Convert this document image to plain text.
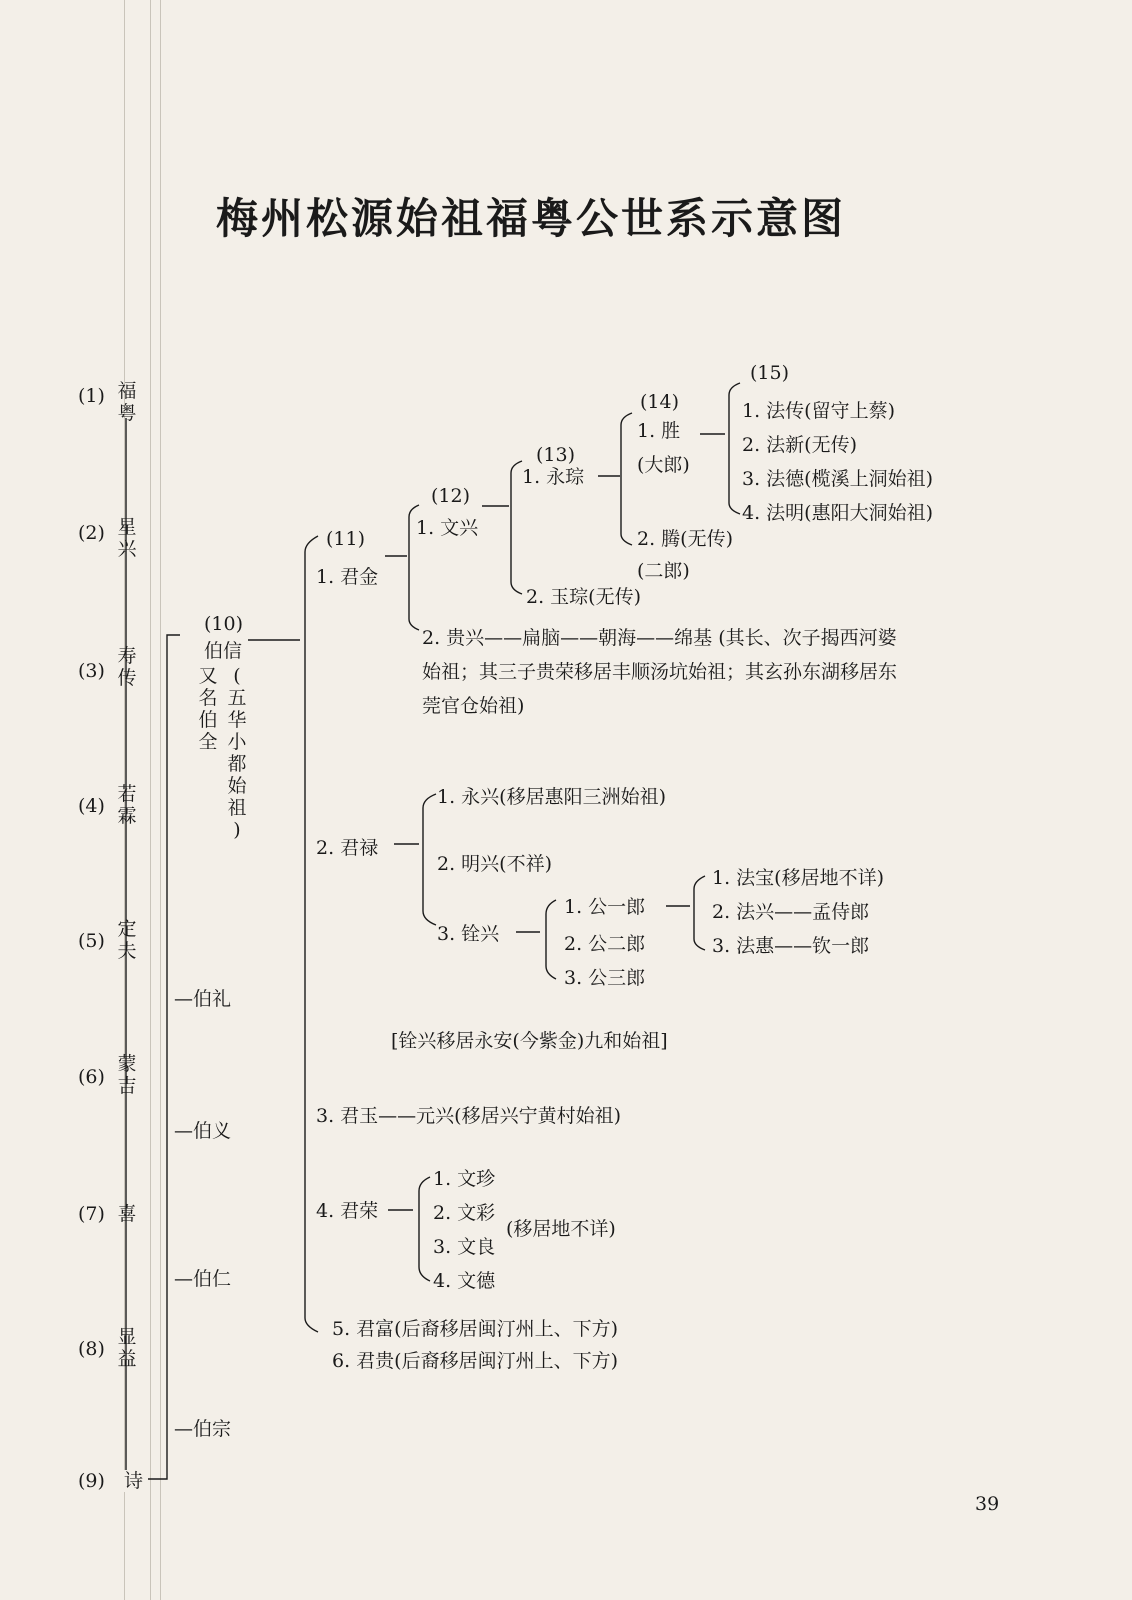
梅州松源始祖福粤公世系示意图
(1) 福
粤
(2) 星
兴
(3)
寿
传
(4)
若
霖
(5)
定
夫
(6)
蒙
吉
(7) 喜
(8)
显
益
(9) 诗
(10)
伯信
又
名
伯
全
(
五
华
小
都
始
祖
)
—伯礼
—伯义
—伯仁
—伯宗
(11)
1. 君金
2. 君禄
3. 君玉——元兴(移居兴宁黄村始祖)
4. 君荣
5. 君富(后裔移居闽汀州上、下方)
6. 君贵(后裔移居闽汀州上、下方)
(12)
1. 文兴
(13)
1. 永琮
2. 玉琮(无传)
(14)
1. 胜
(大郎)
2. 腾(无传)
(二郎)
(15)
1. 法传(留守上蔡)
2. 法新(无传)
3. 法德(榄溪上洞始祖)
4. 法明(惠阳大洞始祖)
2. 贵兴——扁脑——朝海——绵基 (其长、次子揭西河婆
始祖；其三子贵荣移居丰顺汤坑始祖；其玄孙东湖移居东
莞官仓始祖)
1. 永兴(移居惠阳三洲始祖)
2. 明兴(不祥)
3. 铨兴
1. 公一郎
2. 公二郎
3. 公三郎
1. 法宝(移居地不详)
2. 法兴——孟侍郎
3. 法惠——钦一郎
[铨兴移居永安(今紫金)九和始祖]
1. 文珍
2. 文彩
3. 文良
4. 文德
(移居地不详)
39
